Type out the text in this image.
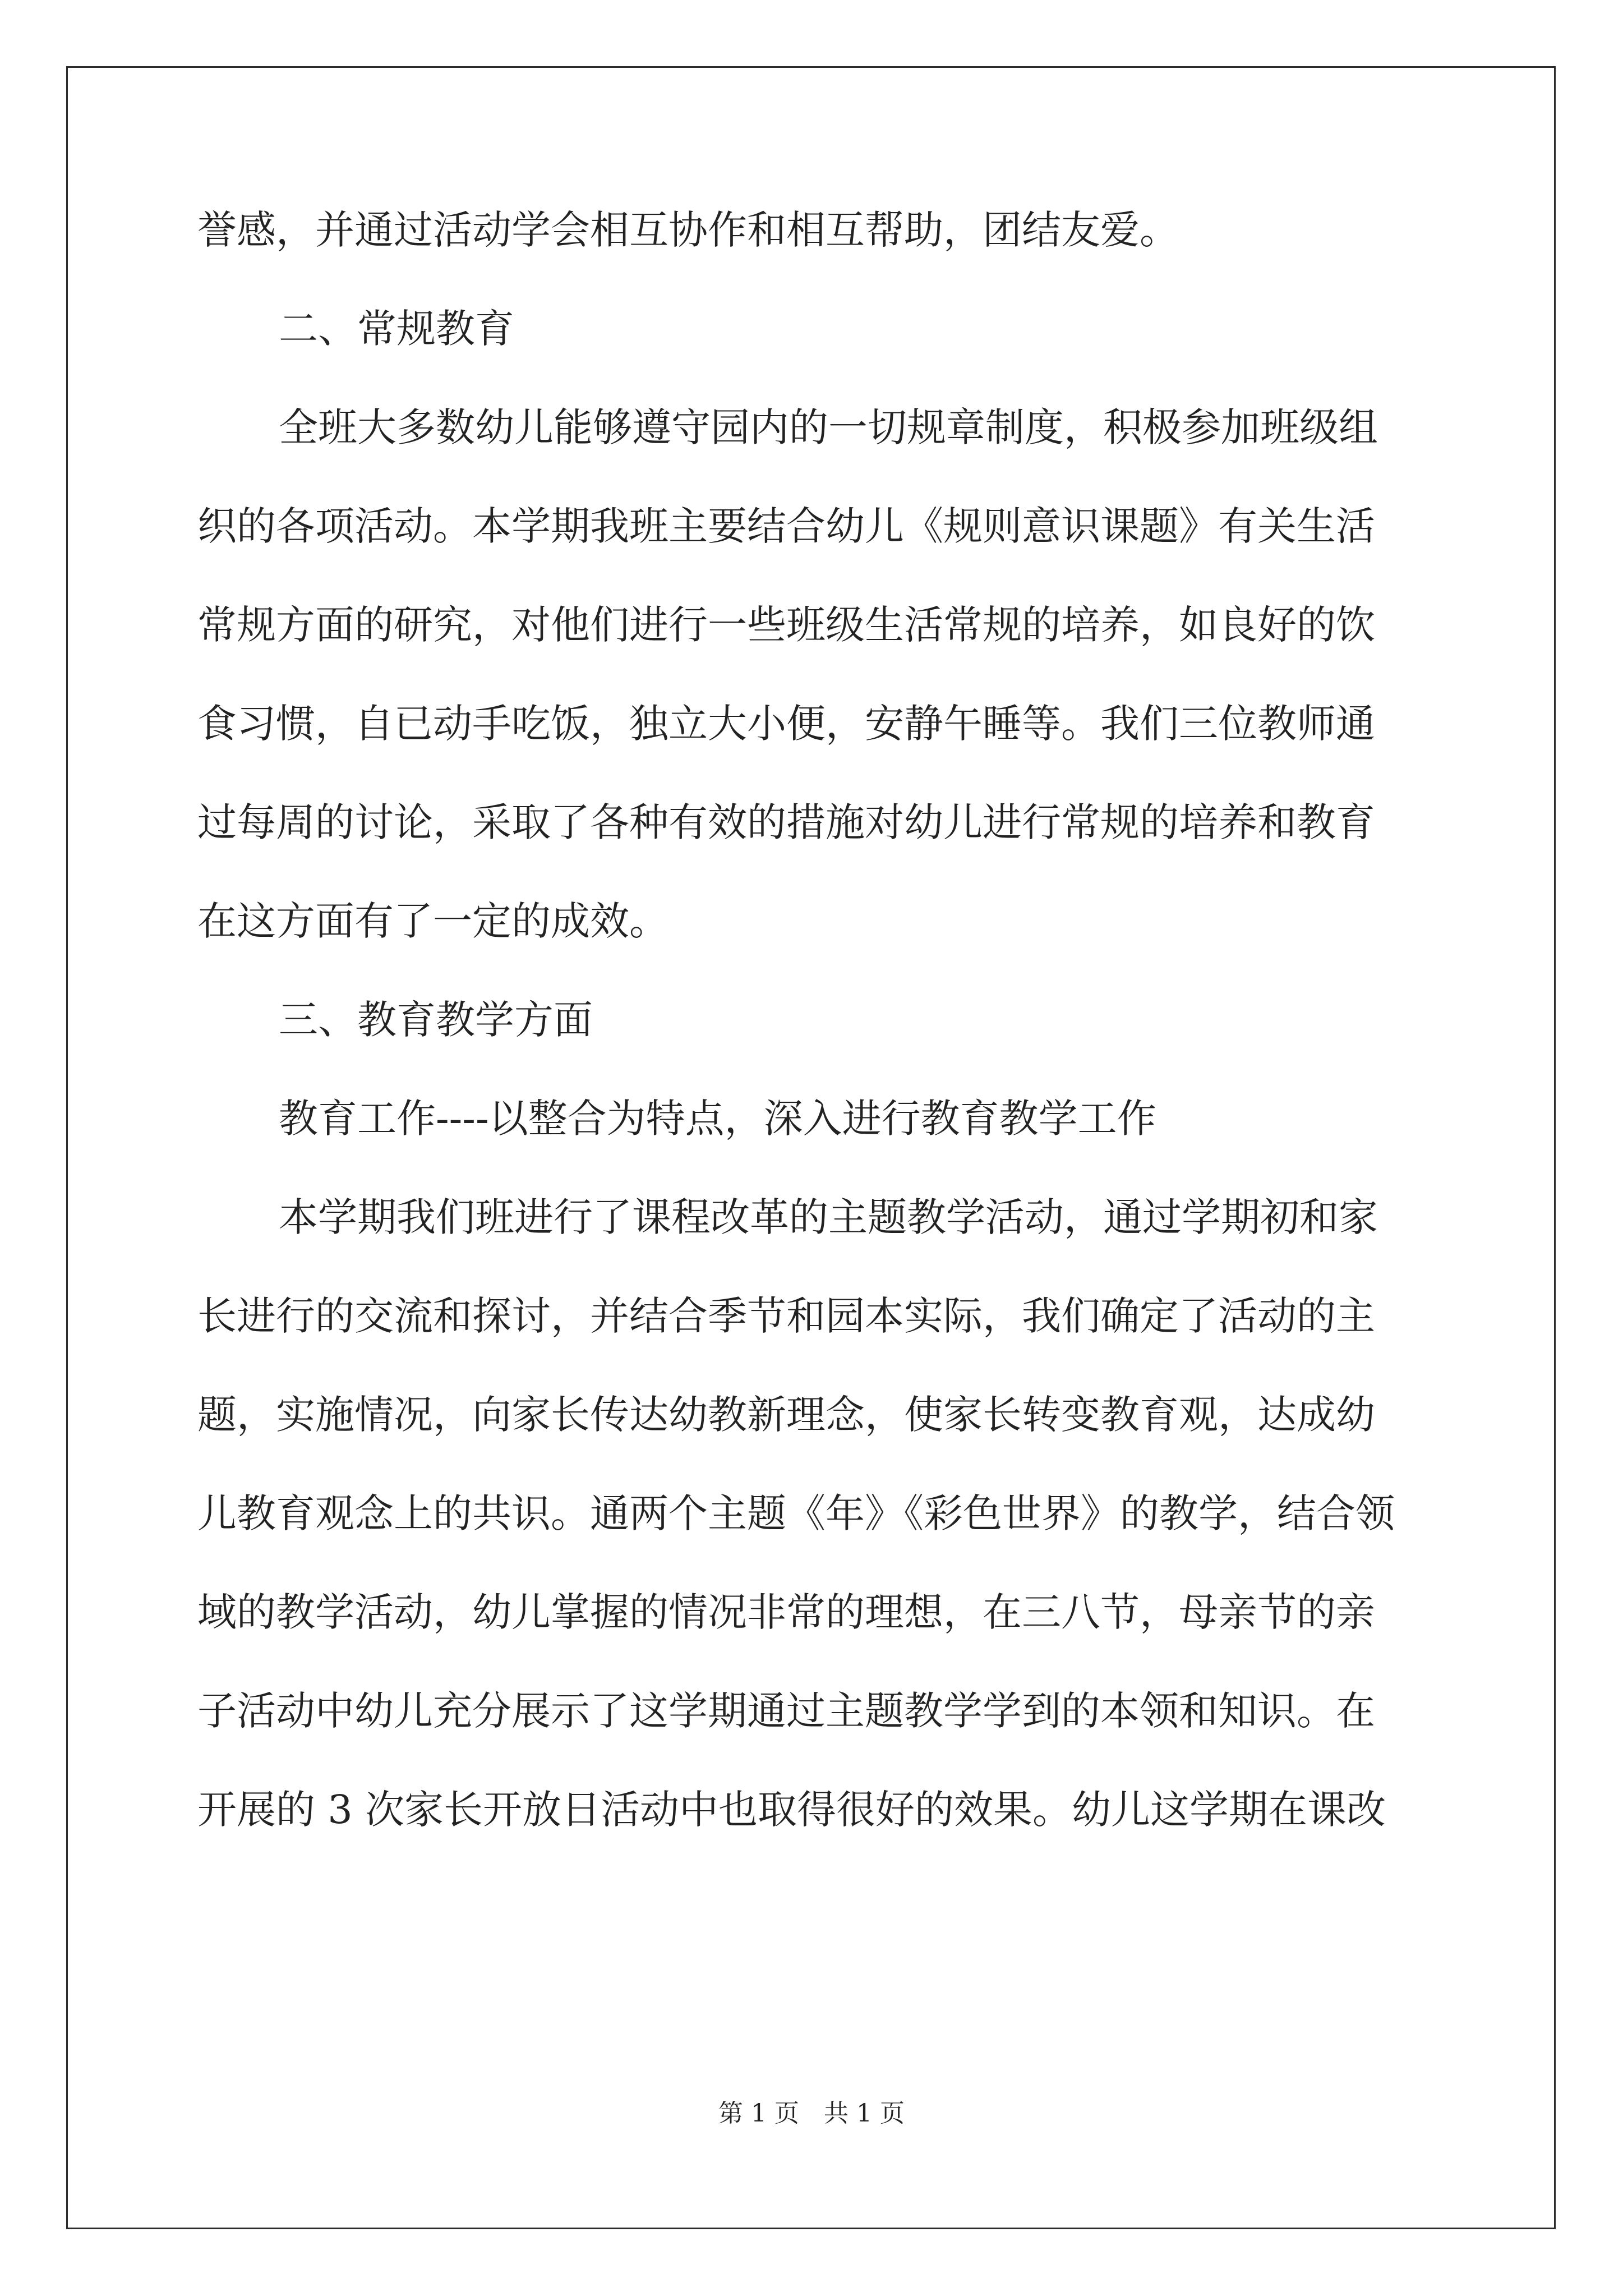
誉感，并通过活动学会相互协作和相互帮助，团结友爱。
二、常规教育
全班大多数幼儿能够遵守园内的一切规章制度，积极参加班级组
织的各项活动。本学期我班主要结合幼儿《规则意识课题》有关生活
常规方面的研究，对他们进行一些班级生活常规的培养，如良好的饮
食习惯，自已动手吃饭，独立大小便，安静午睡等。我们三位教师通
过每周的讨论，采取了各种有效的措施对幼儿进行常规的培养和教育
在这方面有了一定的成效。
三、教育教学方面
教育工作----以整合为特点，深入进行教育教学工作
本学期我们班进行了课程改革的主题教学活动，通过学期初和家
长进行的交流和探讨，并结合季节和园本实际，我们确定了活动的主
题，实施情况，向家长传达幼教新理念，使家长转变教育观，达成幼
儿教育观念上的共识。通两个主题《年》《彩色世界》的教学，结合领
域的教学活动，幼儿掌握的情况非常的理想，在三八节，母亲节的亲
子活动中幼儿充分展示了这学期通过主题教学学到的本领和知识。在
开展的 3 次家长开放日活动中也取得很好的效果。幼儿这学期在课改
第 1 页　共 1 页
